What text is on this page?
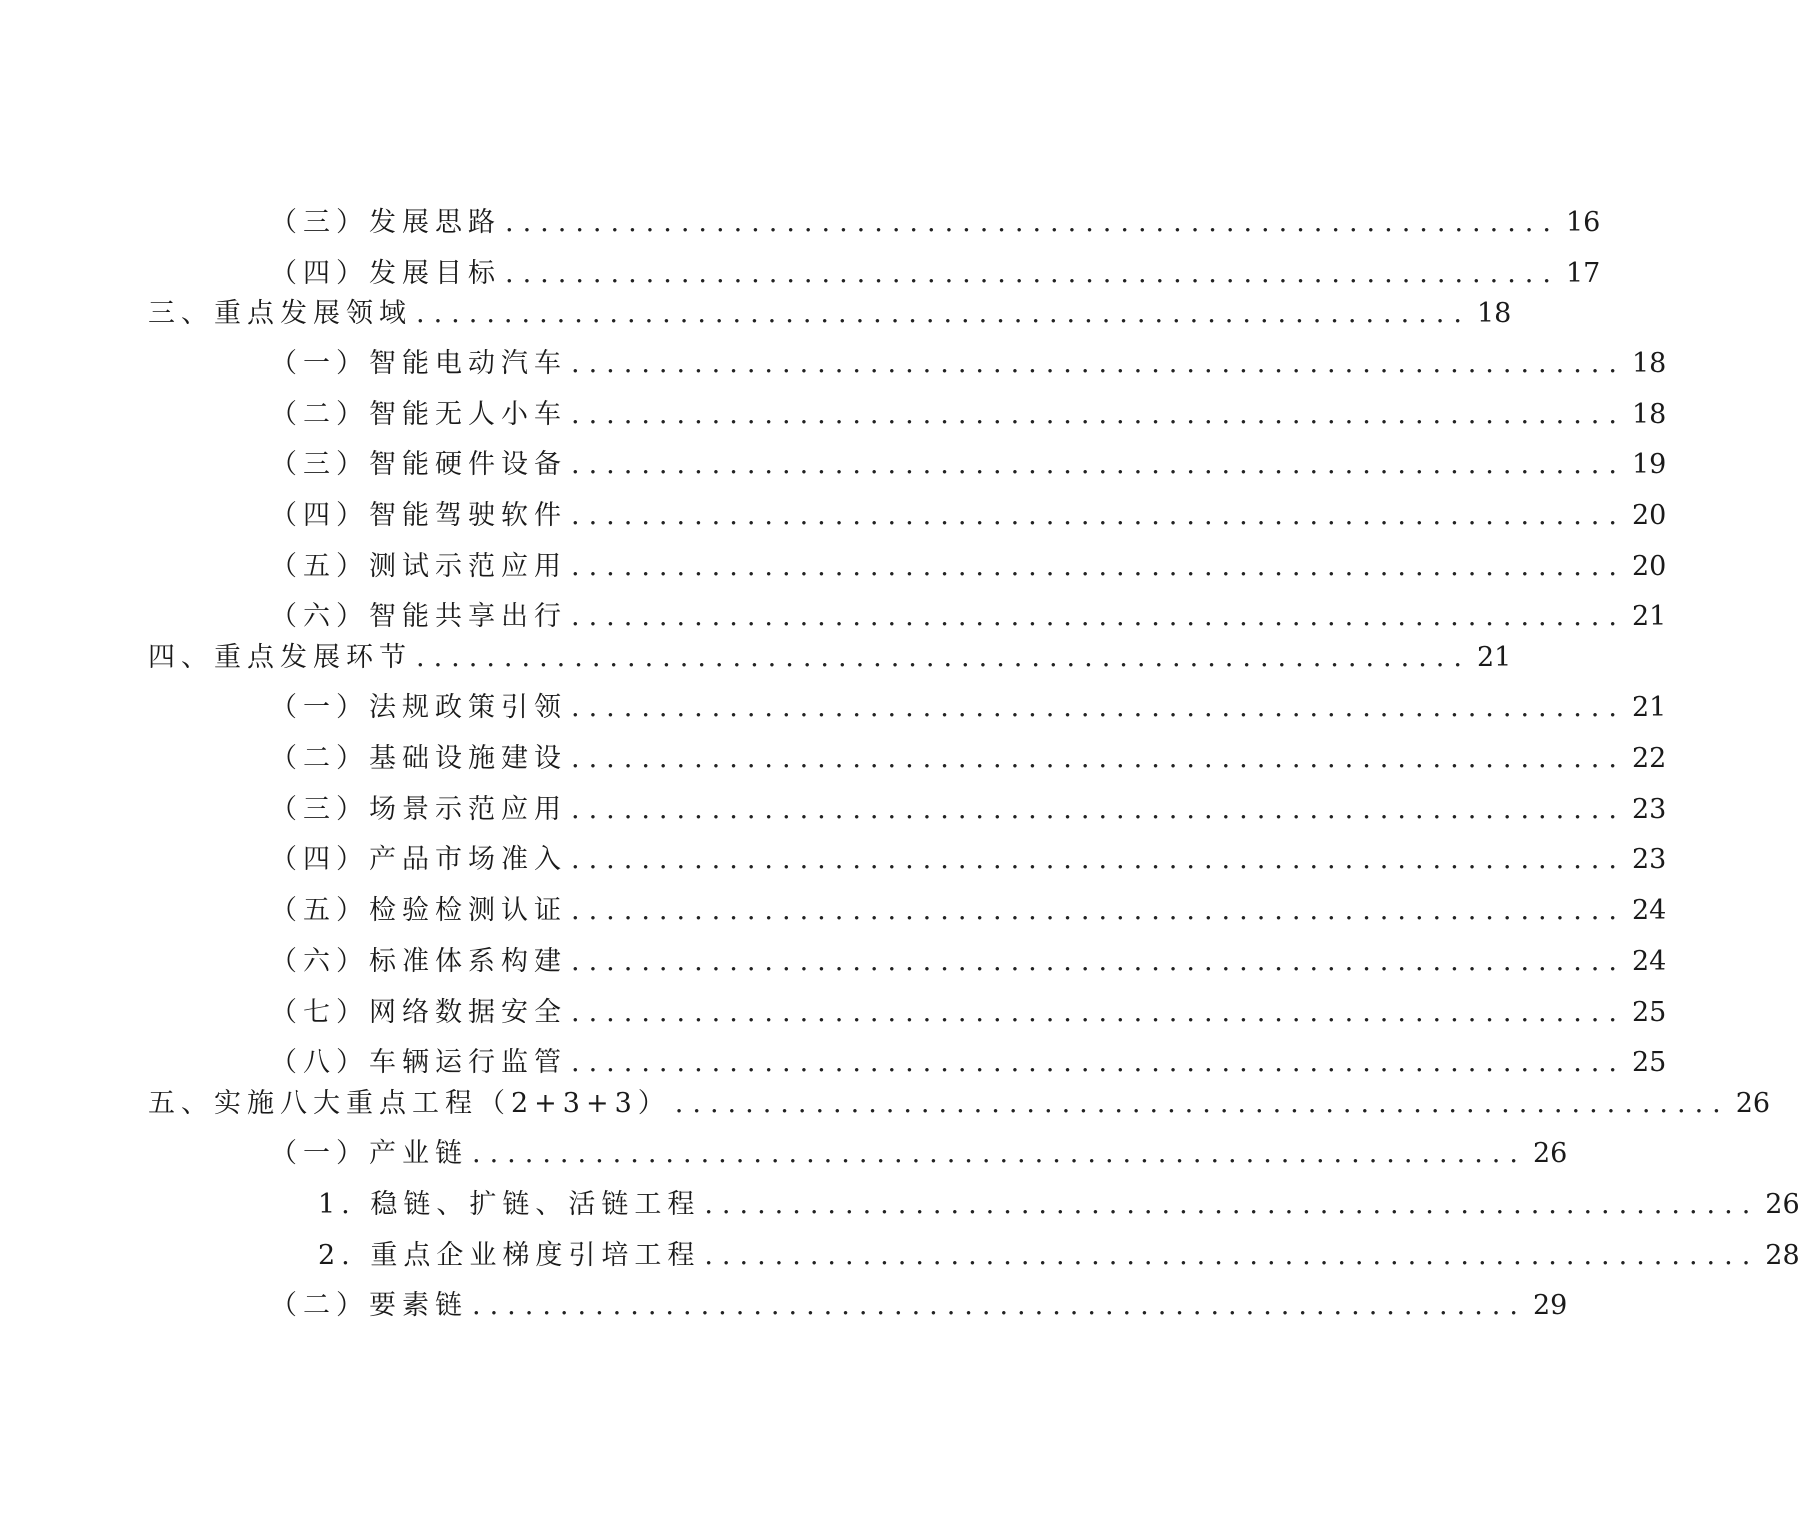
（三）发展思路 ............................................................ 16
（四）发展目标 ............................................................ 17
三、重点发展领域 ............................................................ 18
（一）智能电动汽车 ............................................................ 18
（二）智能无人小车 ............................................................ 18
（三）智能硬件设备 ............................................................ 19
（四）智能驾驶软件 ............................................................ 20
（五）测试示范应用 ............................................................ 20
（六）智能共享出行 ............................................................ 21
四、重点发展环节 ............................................................ 21
（一）法规政策引领 ............................................................ 21
（二）基础设施建设 ............................................................ 22
（三）场景示范应用 ............................................................ 23
（四）产品市场准入 ............................................................ 23
（五）检验检测认证 ............................................................ 24
（六）标准体系构建 ............................................................ 24
（七）网络数据安全 ............................................................ 25
（八）车辆运行监管 ............................................................ 25
五、实施八大重点工程（2+3+3） ............................................................ 26
（一）产业链 ............................................................ 26
1. 稳链、扩链、活链工程 ............................................................ 26
2. 重点企业梯度引培工程 ............................................................ 28
（二）要素链 ............................................................ 29
